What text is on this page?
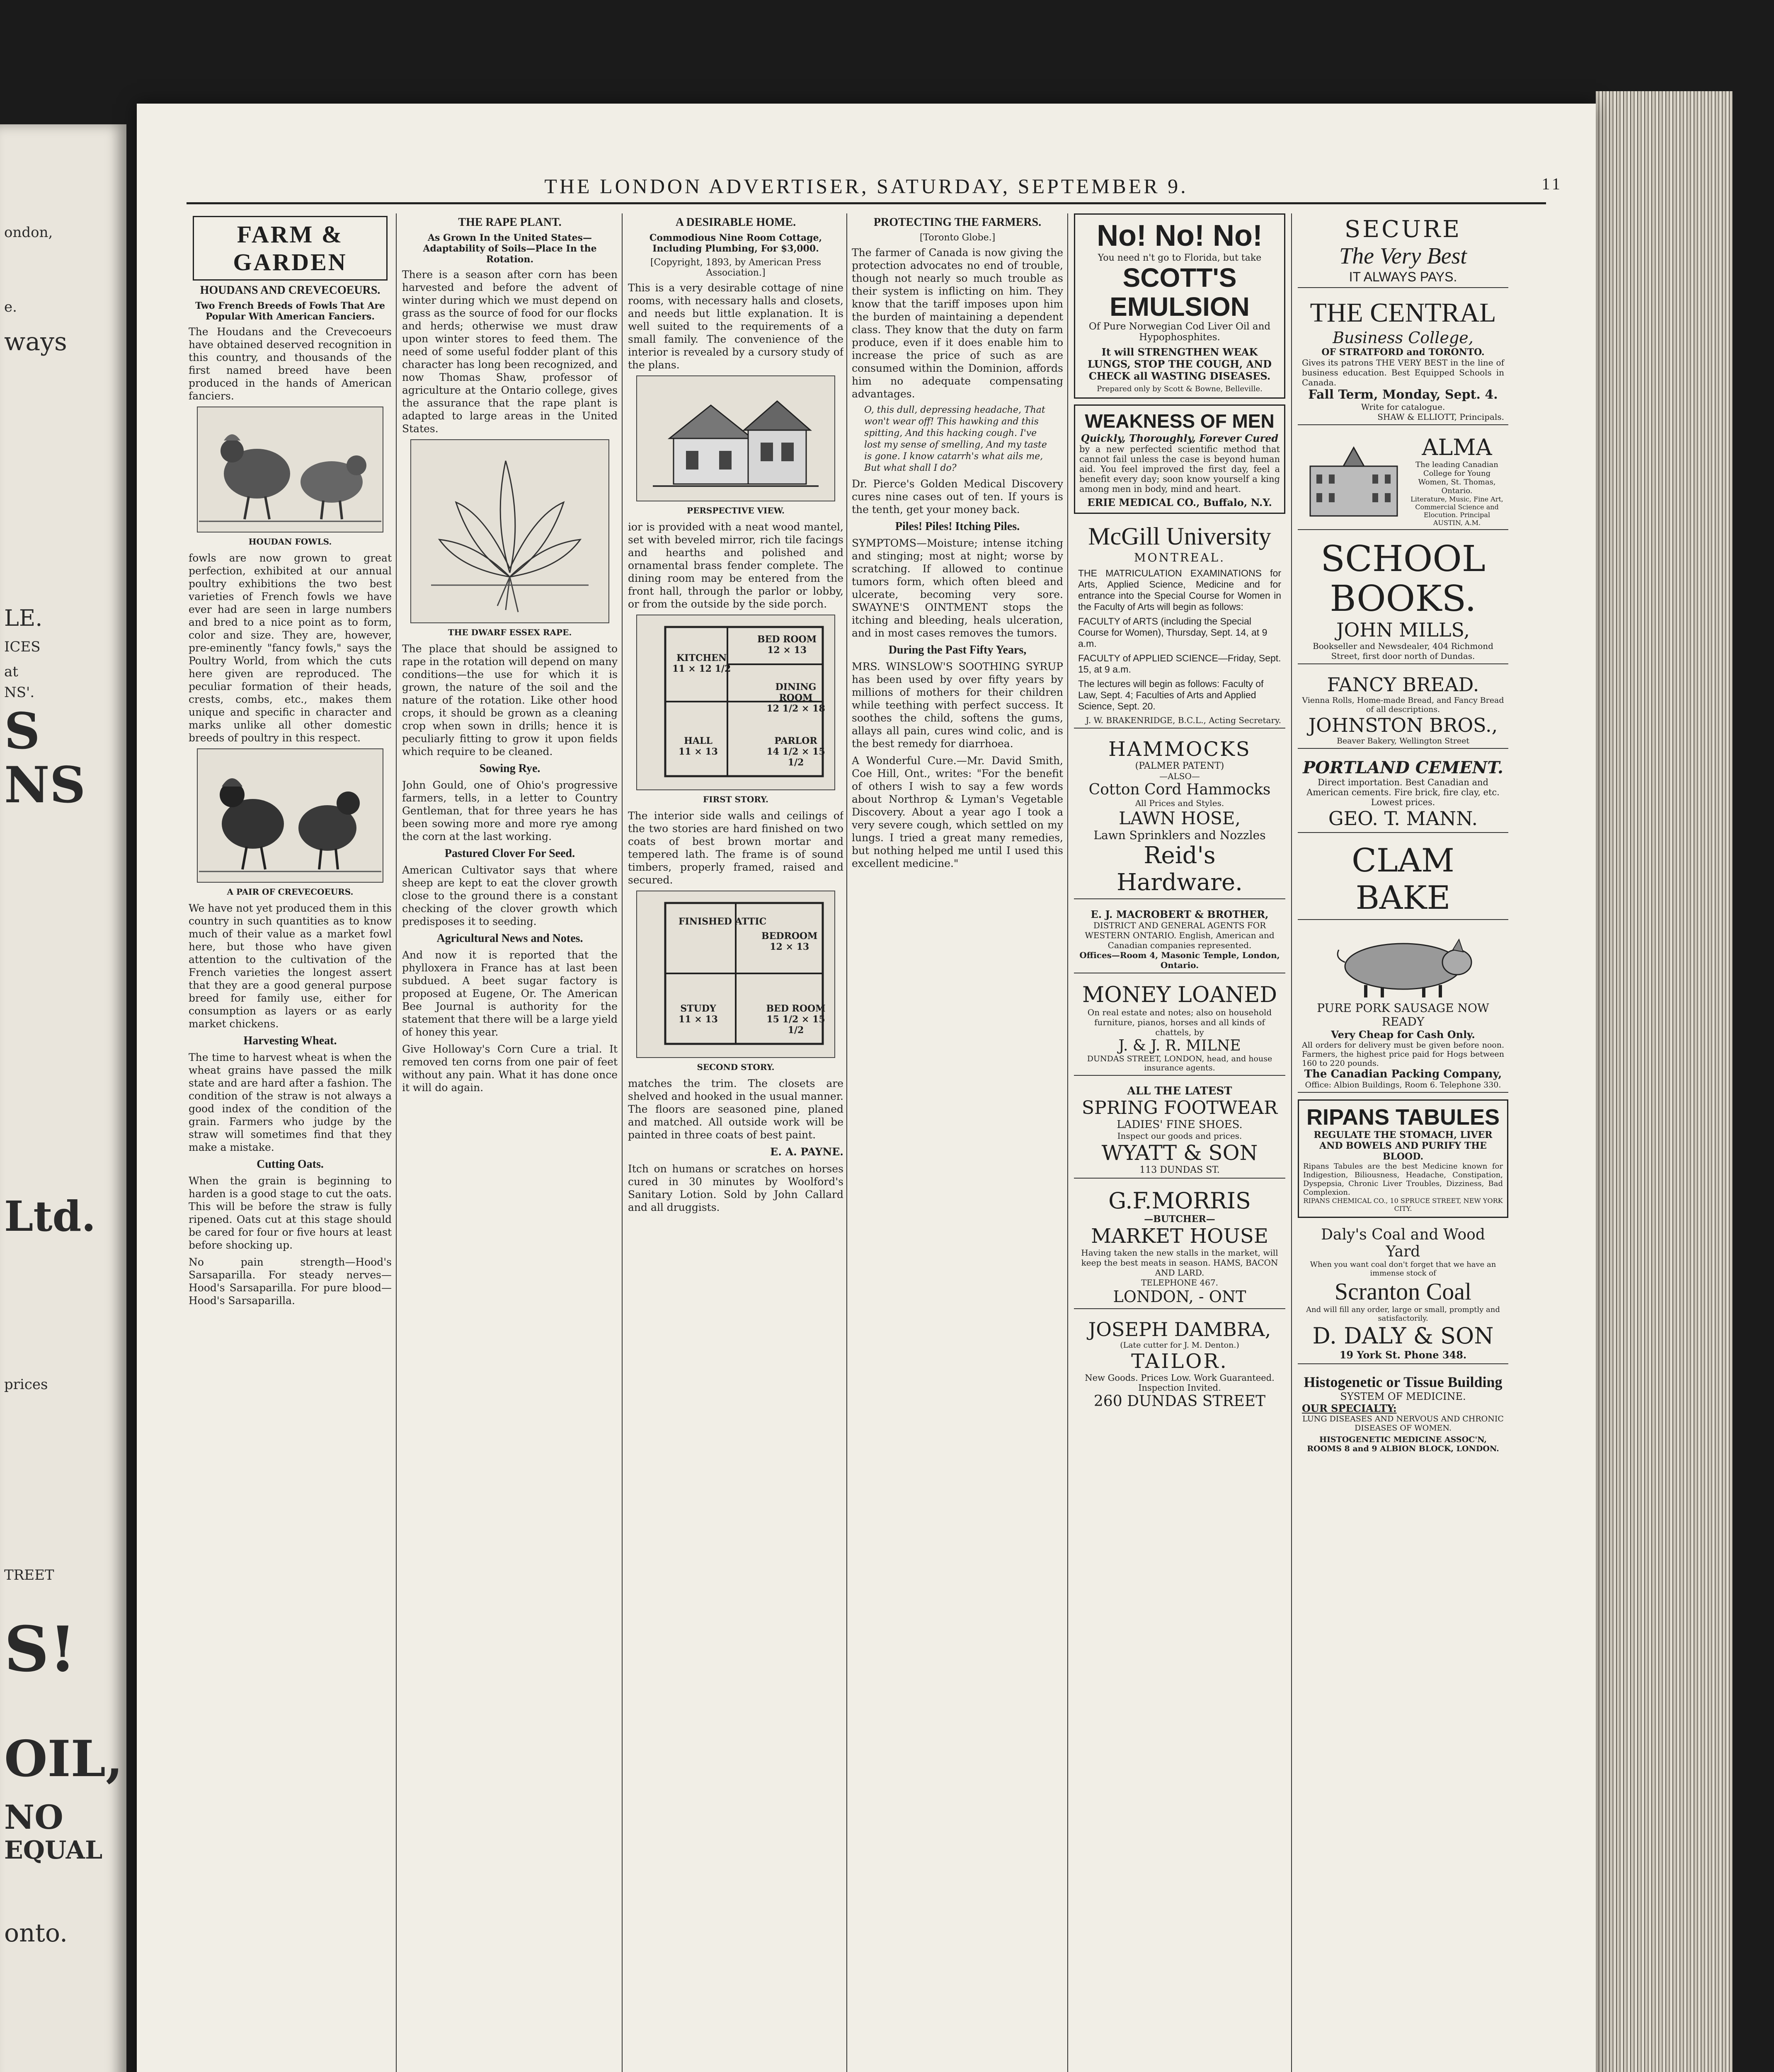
ondon,
e.
ways
LE.
ICES
at
NS'.
S
NS
Ltd.
prices
TREET
S!
OIL,
NO
EQUAL
onto.
THE LONDON ADVERTISER, SATURDAY, SEPTEMBER 9.	11
FARM & GARDEN
HOUDANS AND CREVECOEURS.
Two French Breeds of Fowls That Are Popular With American Fanciers.

The Houdans and the Crevecoeurs have obtained deserved recognition in this country, and thousands of the first named breed have been produced in the hands of American fanciers.

HOUDAN FOWLS.

fowls are now grown to great perfection, exhibited at our annual poultry exhibitions the two best varieties of French fowls we have ever had are seen in large numbers and bred to a nice point as to form, color and size. They are, however, pre-eminently "fancy fowls," says the Poultry World, from which the cuts here given are reproduced. The peculiar formation of their heads, crests, combs, etc., makes them unique and specific in character and marks unlike all other domestic breeds of poultry in this respect.

A PAIR OF CREVECOEURS.

We have not yet produced them in this country in such quantities as to know much of their value as a market fowl here, but those who have given attention to the cultivation of the French varieties the longest assert that they are a good general purpose breed for family use, either for consumption as layers or as early market chickens.

Harvesting Wheat.

The time to harvest wheat is when the wheat grains have passed the milk state and are hard after a fashion. The condition of the straw is not always a good index of the condition of the grain. Farmers who judge by the straw will sometimes find that they make a mistake.

Cutting Oats.

When the grain is beginning to harden is a good stage to cut the oats. This will be before the straw is fully ripened. Oats cut at this stage should be cared for four or five hours at least before shocking up.

No pain strength—Hood's Sarsaparilla. For steady nerves—Hood's Sarsaparilla. For pure blood—Hood's Sarsaparilla.

THE RAPE PLANT.
As Grown In the United States—Adaptability of Soils—Place In the Rotation.

There is a season after corn has been harvested and before the advent of winter during which we must depend on grass as the source of food for our flocks and herds; otherwise we must draw upon winter stores to feed them. The need of some useful fodder plant of this character has long been recognized, and now Thomas Shaw, professor of agriculture at the Ontario college, gives the assurance that the rape plant is adapted to large areas in the United States.

THE DWARF ESSEX RAPE.

The place that should be assigned to rape in the rotation will depend on many conditions—the use for which it is grown, the nature of the soil and the nature of the rotation. Like other hood crops, it should be grown as a cleaning crop when sown in drills; hence it is peculiarly fitting to grow it upon fields which require to be cleaned.

Sowing Rye.

John Gould, one of Ohio's progressive farmers, tells, in a letter to Country Gentleman, that for three years he has been sowing more and more rye among the corn at the last working.

Pastured Clover For Seed.

American Cultivator says that where sheep are kept to eat the clover growth close to the ground there is a constant checking of the clover growth which predisposes it to seeding.

Agricultural News and Notes.

And now it is reported that the phylloxera in France has at last been subdued. A beet sugar factory is proposed at Eugene, Or. The American Bee Journal is authority for the statement that there will be a large yield of honey this year.

Give Holloway's Corn Cure a trial. It removed ten corns from one pair of feet without any pain. What it has done once it will do again.

A DESIRABLE HOME.
Commodious Nine Room Cottage, Including Plumbing, For $3,000.
[Copyright, 1893, by American Press Association.]

This is a very desirable cottage of nine rooms, with necessary halls and closets, and needs but little explanation. It is well suited to the requirements of a small family. The convenience of the interior is revealed by a cursory study of the plans.

PERSPECTIVE VIEW.

ior is provided with a neat wood mantel, set with beveled mirror, rich tile facings and hearths and polished and ornamental brass fender complete. The dining room may be entered from the front hall, through the parlor or lobby, or from the outside by the side porch.

KITCHEN
11 × 12 1/2
BED ROOM
12 × 13
DINING ROOM
12 1/2 × 18
HALL
11 × 13
PARLOR
14 1/2 × 15 1/2
FIRST STORY.

The interior side walls and ceilings of the two stories are hard finished on two coats of best brown mortar and tempered lath. The frame is of sound timbers, properly framed, raised and secured.

FINISHED ATTIC
BEDROOM
12 × 13
STUDY
11 × 13
BED ROOM
15 1/2 × 15 1/2
SECOND STORY.

matches the trim. The closets are shelved and hooked in the usual manner. The floors are seasoned pine, planed and matched. All outside work will be painted in three coats of best paint.

E. A. PAYNE.

Itch on humans or scratches on horses cured in 30 minutes by Woolford's Sanitary Lotion. Sold by John Callard and all druggists.

PROTECTING THE FARMERS.
[Toronto Globe.]

The farmer of Canada is now giving the protection advocates no end of trouble, though not nearly so much trouble as their system is inflicting on him. They know that the tariff imposes upon him the burden of maintaining a dependent class. They know that the duty on farm produce, even if it does enable him to increase the price of such as are consumed within the Dominion, affords him no adequate compensating advantages.

O, this dull, depressing headache, That won't wear off! This hawking and this spitting, And this hacking cough. I've lost my sense of smelling, And my taste is gone. I know catarrh's what ails me, But what shall I do?

Dr. Pierce's Golden Medical Discovery cures nine cases out of ten. If yours is the tenth, get your money back.

Piles! Piles! Itching Piles.

SYMPTOMS—Moisture; intense itching and stinging; most at night; worse by scratching. If allowed to continue tumors form, which often bleed and ulcerate, becoming very sore. SWAYNE'S OINTMENT stops the itching and bleeding, heals ulceration, and in most cases removes the tumors.

During the Past Fifty Years,

MRS. WINSLOW'S SOOTHING SYRUP has been used by over fifty years by millions of mothers for their children while teething with perfect success. It soothes the child, softens the gums, allays all pain, cures wind colic, and is the best remedy for diarrhoea.

A Wonderful Cure.—Mr. David Smith, Coe Hill, Ont., writes: "For the benefit of others I wish to say a few words about Northrop & Lyman's Vegetable Discovery. About a year ago I took a very severe cough, which settled on my lungs. I tried a great many remedies, but nothing helped me until I used this excellent medicine."

No! No! No!
You need n't go to Florida, but take
SCOTT'S EMULSION
Of Pure Norwegian Cod Liver Oil and Hypophosphites.
It will STRENGTHEN WEAK LUNGS, STOP THE COUGH, AND CHECK all WASTING DISEASES.
Prepared only by Scott & Bowne, Belleville.
WEAKNESS OF MEN
Quickly, Thoroughly, Forever Cured
by a new perfected scientific method that cannot fail unless the case is beyond human aid. You feel improved the first day, feel a benefit every day; soon know yourself a king among men in body, mind and heart.
ERIE MEDICAL CO., Buffalo, N.Y.
McGill University
MONTREAL.
THE MATRICULATION EXAMINATIONS for Arts, Applied Science, Medicine and for entrance into the Special Course for Women in the Faculty of Arts will begin as follows:
FACULTY of ARTS (including the Special Course for Women), Thursday, Sept. 14, at 9 a.m.
FACULTY of APPLIED SCIENCE—Friday, Sept. 15, at 9 a.m.
The lectures will begin as follows: Faculty of Law, Sept. 4; Faculties of Arts and Applied Science, Sept. 20.
J. W. BRAKENRIDGE, B.C.L., Acting Secretary.
HAMMOCKS
(PALMER PATENT)
—ALSO—
Cotton Cord Hammocks
All Prices and Styles.
LAWN HOSE,
Lawn Sprinklers and Nozzles
Reid's Hardware.
E. J. MACROBERT & BROTHER,
DISTRICT AND GENERAL AGENTS FOR WESTERN ONTARIO. English, American and Canadian companies represented.
Offices—Room 4, Masonic Temple, London, Ontario.
MONEY LOANED
On real estate and notes; also on household furniture, pianos, horses and all kinds of chattels, by
J. & J. R. MILNE
DUNDAS STREET, LONDON, head, and house insurance agents.
ALL THE LATEST
SPRING FOOTWEAR
LADIES' FINE SHOES.
Inspect our goods and prices.
WYATT & SON
113 DUNDAS ST.
G.F.MORRIS
—BUTCHER—
MARKET HOUSE
Having taken the new stalls in the market, will keep the best meats in season. HAMS, BACON AND LARD.
TELEPHONE 467.
LONDON, - ONT
JOSEPH DAMBRA,
(Late cutter for J. M. Denton.)
TAILOR.
New Goods. Prices Low. Work Guaranteed. Inspection Invited.
260 DUNDAS STREET
SECURE
The Very Best
IT ALWAYS PAYS.
THE CENTRAL
Business College,
OF STRATFORD and TORONTO.
Gives its patrons THE VERY BEST in the line of business education. Best Equipped Schools in Canada.
Fall Term, Monday, Sept. 4.
Write for catalogue.
SHAW & ELLIOTT, Principals.
ALMA
The leading Canadian College for Young Women, St. Thomas, Ontario.
Literature, Music, Fine Art, Commercial Science and Elocution. Principal AUSTIN, A.M.
SCHOOL BOOKS.
JOHN MILLS,
Bookseller and Newsdealer, 404 Richmond Street, first door north of Dundas.
FANCY BREAD.
Vienna Rolls, Home-made Bread, and Fancy Bread of all descriptions.
JOHNSTON BROS.,
Beaver Bakery, Wellington Street
PORTLAND CEMENT.
Direct importation. Best Canadian and American cements. Fire brick, fire clay, etc. Lowest prices.
GEO. T. MANN.
CLAM BAKE
PURE PORK SAUSAGE NOW READY
Very Cheap for Cash Only.
All orders for delivery must be given before noon. Farmers, the highest price paid for Hogs between 160 to 220 pounds.
The Canadian Packing Company,
Office: Albion Buildings, Room 6. Telephone 330.
RIPANS TABULES
REGULATE THE STOMACH, LIVER AND BOWELS AND PURIFY THE BLOOD.
Ripans Tabules are the best Medicine known for Indigestion, Biliousness, Headache, Constipation, Dyspepsia, Chronic Liver Troubles, Dizziness, Bad Complexion.
RIPANS CHEMICAL CO., 10 SPRUCE STREET, NEW YORK CITY.
Daly's Coal and Wood Yard
When you want coal don't forget that we have an immense stock of
Scranton Coal
And will fill any order, large or small, promptly and satisfactorily.
D. DALY & SON
19 York St. Phone 348.
Histogenetic or Tissue Building
SYSTEM OF MEDICINE.
OUR SPECIALTY:
LUNG DISEASES AND NERVOUS AND CHRONIC DISEASES OF WOMEN.
HISTOGENETIC MEDICINE ASSOC'N, ROOMS 8 and 9 ALBION BLOCK, LONDON.
